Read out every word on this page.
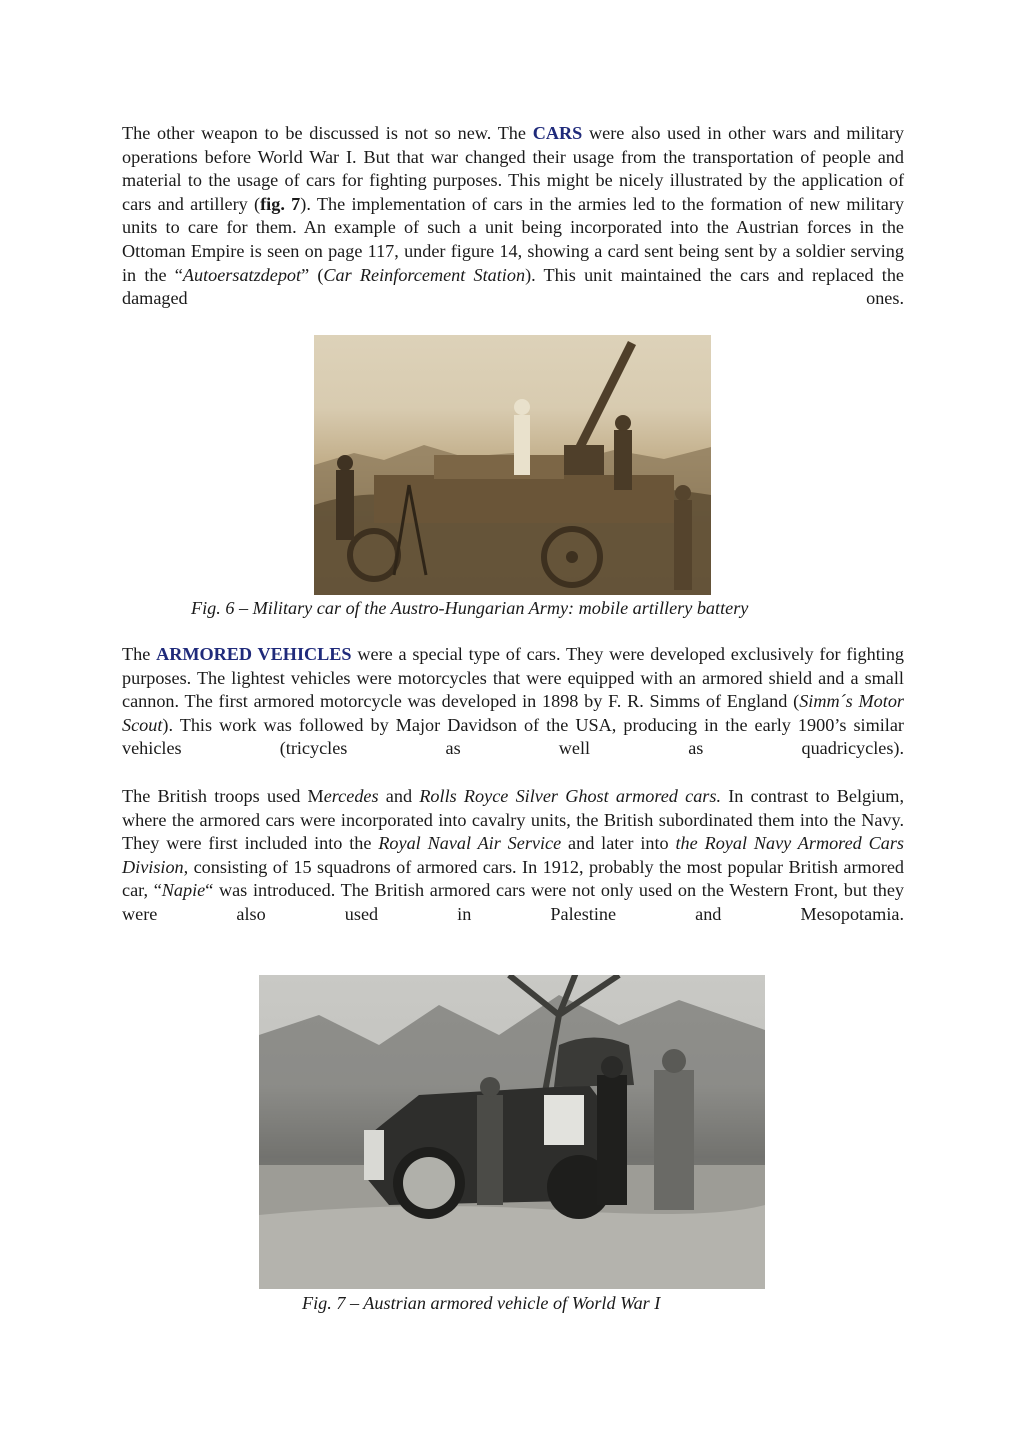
The other weapon to be discussed is not so new. The CARS were also used in other wars and military operations before World War I. But that war changed their usage from the transportation of people and material to the usage of cars for fighting purposes. This might be nicely illustrated by the application of cars and artillery (fig. 7). The implementation of cars in the armies led to the formation of new military units to care for them. An example of such a unit being incorporated into the Austrian forces in the Ottoman Empire is seen on page 117, under figure 14, showing a card sent being sent by a soldier serving in the “Autoersatzdepot” (Car Reinforcement Station). This unit maintained the cars and replaced the damaged ones.

Fig. 6 – Military car of the Austro-Hungarian Army: mobile artillery battery

The ARMORED VEHICLES were a special type of cars. They were developed exclusively for fighting purposes. The lightest vehicles were motorcycles that were equipped with an armored shield and a small cannon. The first armored motorcycle was developed in 1898 by F. R. Simms of England (Simm´s Motor Scout). This work was followed by Major Davidson of the USA, producing in the early 1900’s similar vehicles (tricycles as well as quadricycles).

The British troops used Mercedes and Rolls Royce Silver Ghost armored cars. In contrast to Belgium, where the armored cars were incorporated into cavalry units, the British subordinated them into the Navy. They were first included into the Royal Naval Air Service and later into the Royal Navy Armored Cars Division, consisting of 15 squadrons of armored cars. In 1912, probably the most popular British armored car, “Napie“ was introduced. The British armored cars were not only used on the Western Front, but they were also used in Palestine and Mesopotamia.

Fig. 7 – Austrian armored vehicle of World War I
